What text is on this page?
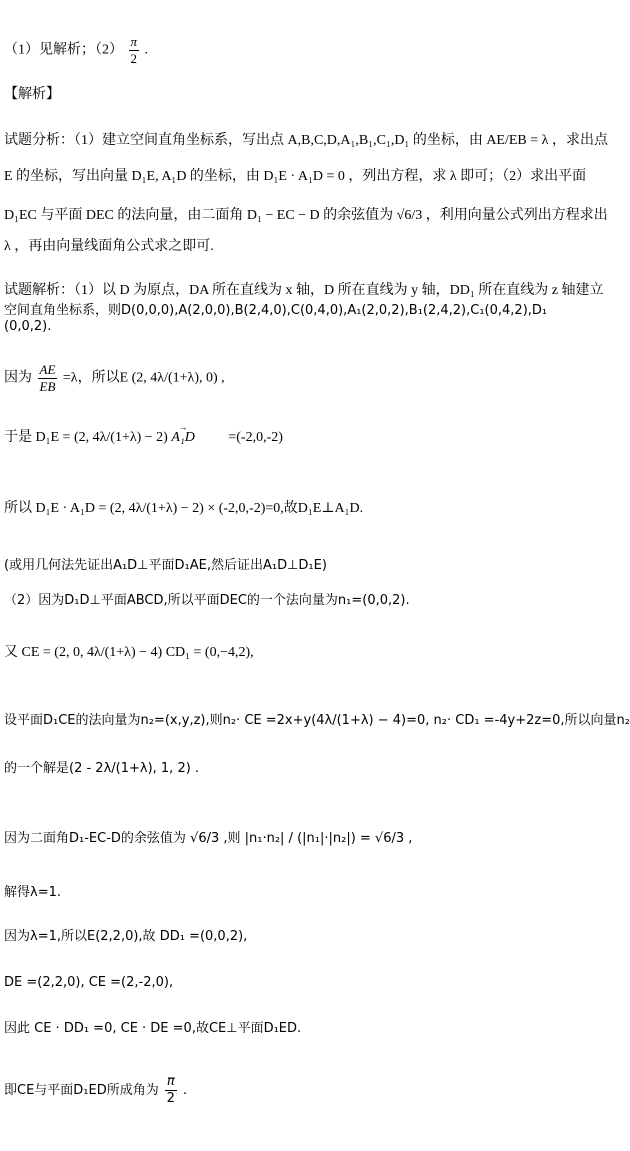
（1）见解析；$(2) \frac{\pi}{2}$ .
【解析】
试题分析：（1）建立空间直角坐标系，写出点 A,B,C,D,A₁,B₁,C₁,D₁ 的坐标，由 AE/EB = λ ，求出点
E 的坐标，写出向量 D₁E, A₁D 的坐标，由 D₁E · A₁D = 0 ，列出方程，求 λ 即可；（2）求出平面
D₁EC 与平面 DEC 的法向量，由二面角 D₁ − EC − D 的余弦值为 √6/3 ，利用向量公式列出方程求出
λ ，再由向量线面角公式求之即可.
试题解析：（1）以 D 为原点，DA 所在直线为 x 轴，D 所在直线为 y 轴，DD₁ 所在直线为 z 轴建立
空间直角坐标系，则D(0,0,0),A(2,0,0),B(2,4,0),C(0,4,0),A₁(2,0,2),B₁(2,4,2),C₁(0,4,2),D₁
(0,0,2).
因为 $\frac{AE}{EB} =\lambda$，所以E (2, 4λ/(1+λ), 0) ,
于是 D₁E = (2, 4λ/(1+λ) − 2) → A₁D =(-2,0,-2)
所以 D₁E · A₁D = (2, 4λ/(1+λ) − 2) × (-2,0,-2)=0,故D₁E⊥A₁D.
(或用几何法先证出A₁D⊥平面D₁AE,然后证出A₁D⊥D₁E)
（2）因为D₁D⊥平面ABCD,所以平面DEC的一个法向量为n₁=(0,0,2).
又 CE = (2, 0, 4λ/(1+λ) − 4) CD₁ = (0,−4,2),
设平面D₁CE的法向量为n₂=(x,y,z),则n₂· CE =2x+y(4λ/(1+λ) − 4)=0, n₂· CD₁ =-4y+2z=0,所以向量n₂
的一个解是(2 - 2λ/(1+λ), 1, 2) .
因为二面角D₁-EC-D的余弦值为 √6/3 ,则 |n₁·n₂| / (|n₁|·|n₂|) = √6/3 ,
解得λ=1.
因为λ=1,所以E(2,2,0),故 DD₁ =(0,0,2),
DE =(2,2,0), CE =(2,-2,0),
因此 CE · DD₁ =0, CE · DE =0,故CE⊥平面D₁ED.
即CE与平面D₁ED所成角为 $\frac{\pi}{2}$ .
